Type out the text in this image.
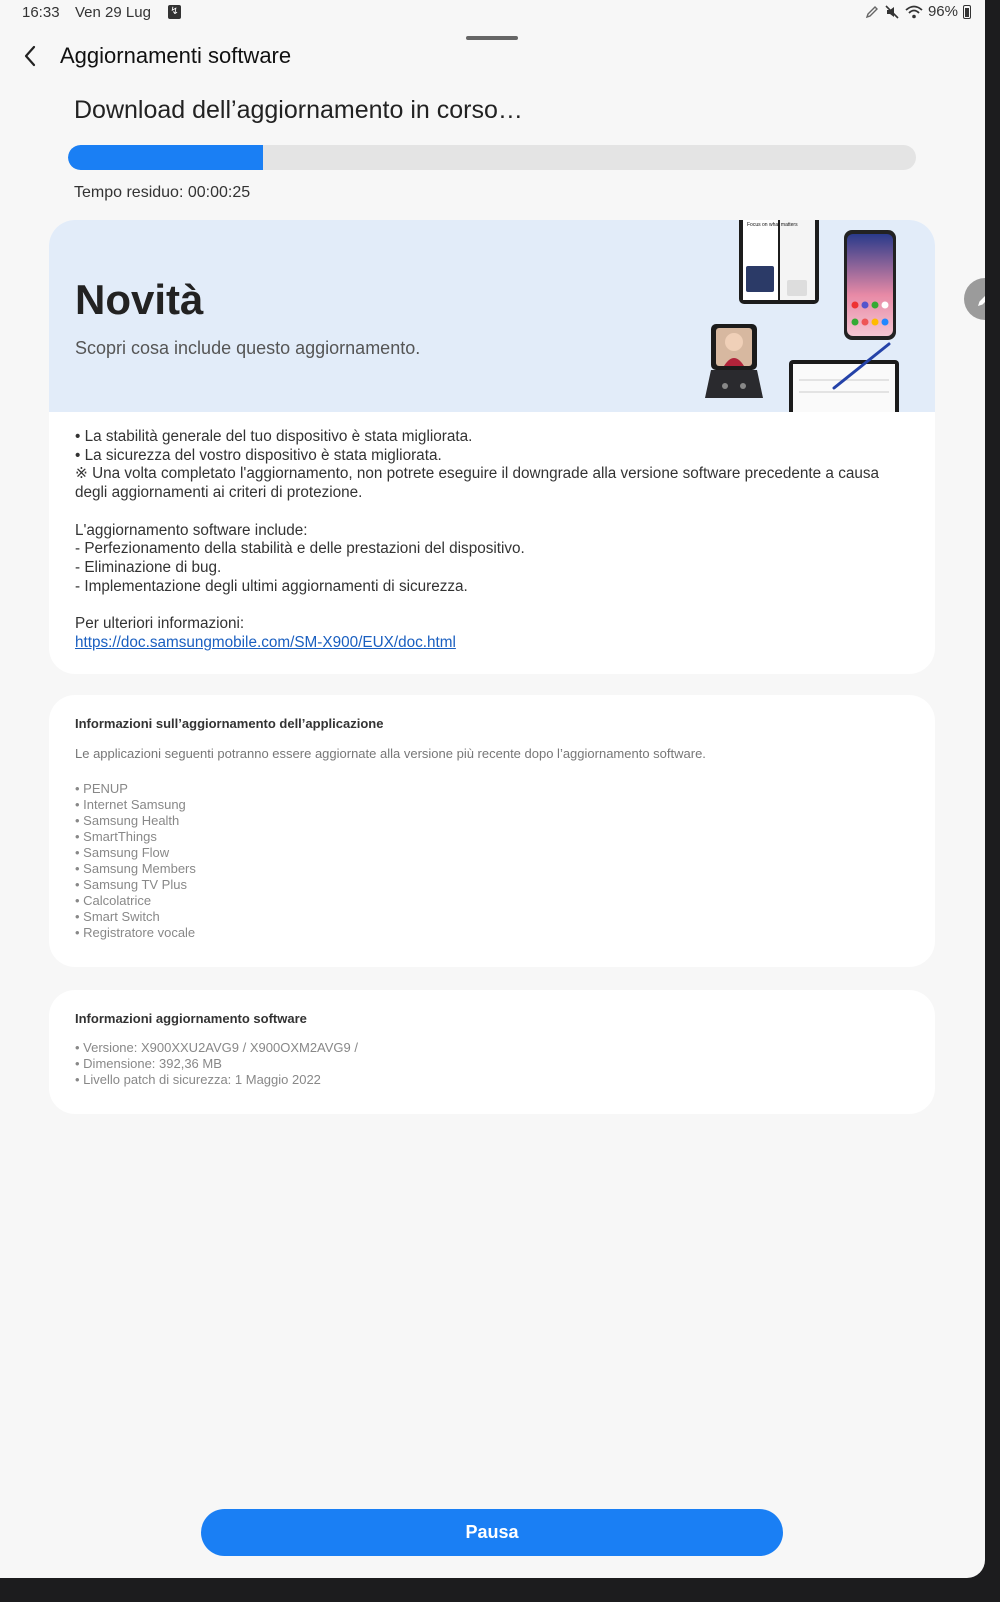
16:33 Ven 29 Lug ↯	96%
Aggiornamenti software
Download dell’aggiornamento in corso…
Tempo residuo: 00:00:25
Novità
Scopri cosa include questo aggiornamento.
Focus on what matters

• La stabilità generale del tuo dispositivo è stata migliorata.

• La sicurezza del vostro dispositivo è stata migliorata.

※ Una volta completato l'aggiornamento, non potrete eseguire il downgrade alla versione software precedente a causa degli aggiornamenti ai criteri di protezione.

L'aggiornamento software include:

- Perfezionamento della stabilità e delle prestazioni del dispositivo.

- Eliminazione di bug.

- Implementazione degli ultimi aggiornamenti di sicurezza.

Per ulteriori informazioni:

https://doc.samsungmobile.com/SM-X900/EUX/doc.html

Informazioni sull’aggiornamento dell’applicazione
Le applicazioni seguenti potranno essere aggiornate alla versione più recente dopo l’aggiornamento software.
• PENUP
• Internet Samsung
• Samsung Health
• SmartThings
• Samsung Flow
• Samsung Members
• Samsung TV Plus
• Calcolatrice
• Smart Switch
• Registratore vocale
Informazioni aggiornamento software
• Versione: X900XXU2AVG9 / X900OXM2AVG9 /
• Dimensione: 392,36 MB
• Livello patch di sicurezza: 1 Maggio 2022
Pausa
